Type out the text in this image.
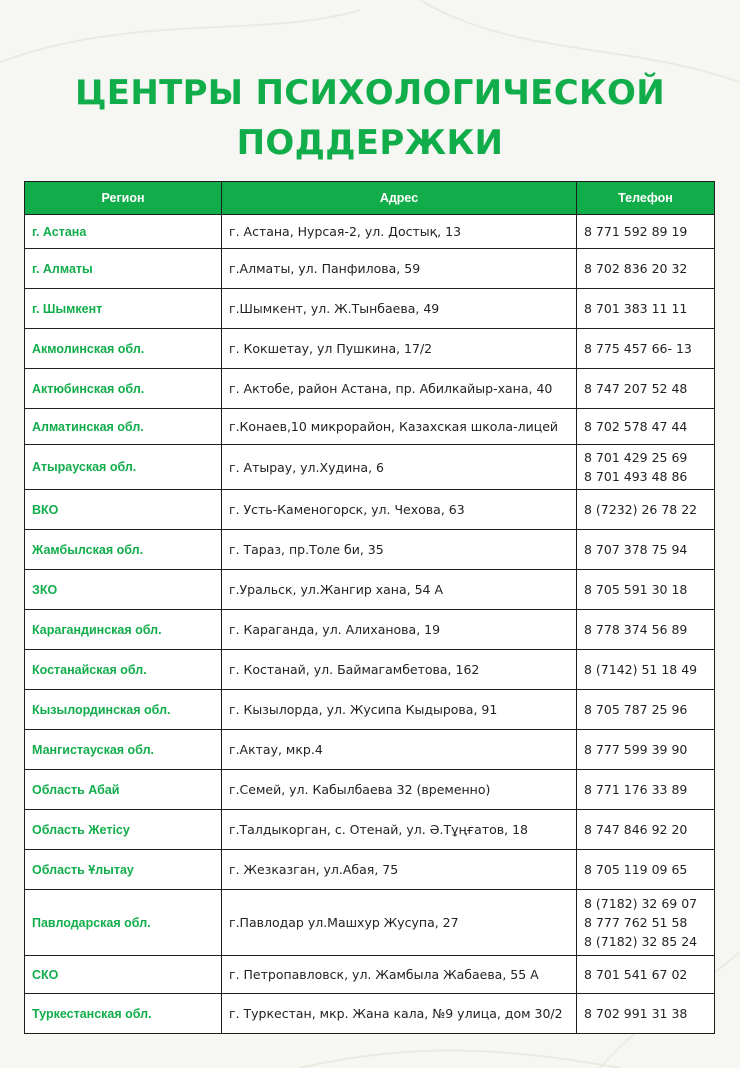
ЦЕНТРЫ ПСИХОЛОГИЧЕСКОЙ
ПОДДЕРЖКИ
Регион	Адрес	Телефон
г. Астана	г. Астана, Нурсая-2, ул. Достық, 13	8 771 592 89 19

г. Алматы	г.Алматы, ул. Панфилова, 59	8 702 836 20 32

г. Шымкент	г.Шымкент, ул. Ж.Тынбаева, 49	8 701 383 11 11

Акмолинская обл.	г. Кокшетау, ул Пушкина, 17/2	8 775 457 66- 13

Актюбинская обл.	г. Актобе, район Астана, пр. Абилкайыр-хана, 40	8 747 207 52 48

Алматинская обл.	г.Конаев,10 микрорайон, Казахская школа-лицей	8 702 578 47 44

Атырауская обл.	г. Атырау, ул.Худина, 6	8 701 429 25 69
8 701 493 48 86

ВКО	г. Усть-Каменогорск, ул. Чехова, 63	8 (7232) 26 78 22

Жамбылская обл.	г. Тараз, пр.Толе би, 35	8 707 378 75 94

ЗКО	г.Уральск, ул.Жангир хана, 54 А	8 705 591 30 18

Карагандинская обл.	г. Караганда, ул. Алиханова, 19	8 778 374 56 89

Костанайская обл.	г. Костанай, ул. Баймагамбетова, 162	8 (7142) 51 18 49

Кызылординская обл.	г. Кызылорда, ул. Жусипа Кыдырова, 91	8 705 787 25 96

Мангистауская обл.	г.Актау, мкр.4	8 777 599 39 90

Область Абай	г.Семей, ул. Кабылбаева 32 (временно)	8 771 176 33 89

Область Жетісу	г.Талдыкорган, с. Отенай, ул. Ә.Тұңғатов, 18	8 747 846 92 20

Область Ұлытау	г. Жезказган, ул.Абая, 75	8 705 119 09 65

Павлодарская обл.	г.Павлодар ул.Машхур Жусупа, 27	8 (7182) 32 69 07
8 777 762 51 58
8 (7182) 32 85 24

СКО	г. Петропавловск, ул. Жамбыла Жабаева, 55 А	8 701 541 67 02

Туркестанская обл.	г. Туркестан, мкр. Жана кала, №9 улица, дом 30/2	8 702 991 31 38
